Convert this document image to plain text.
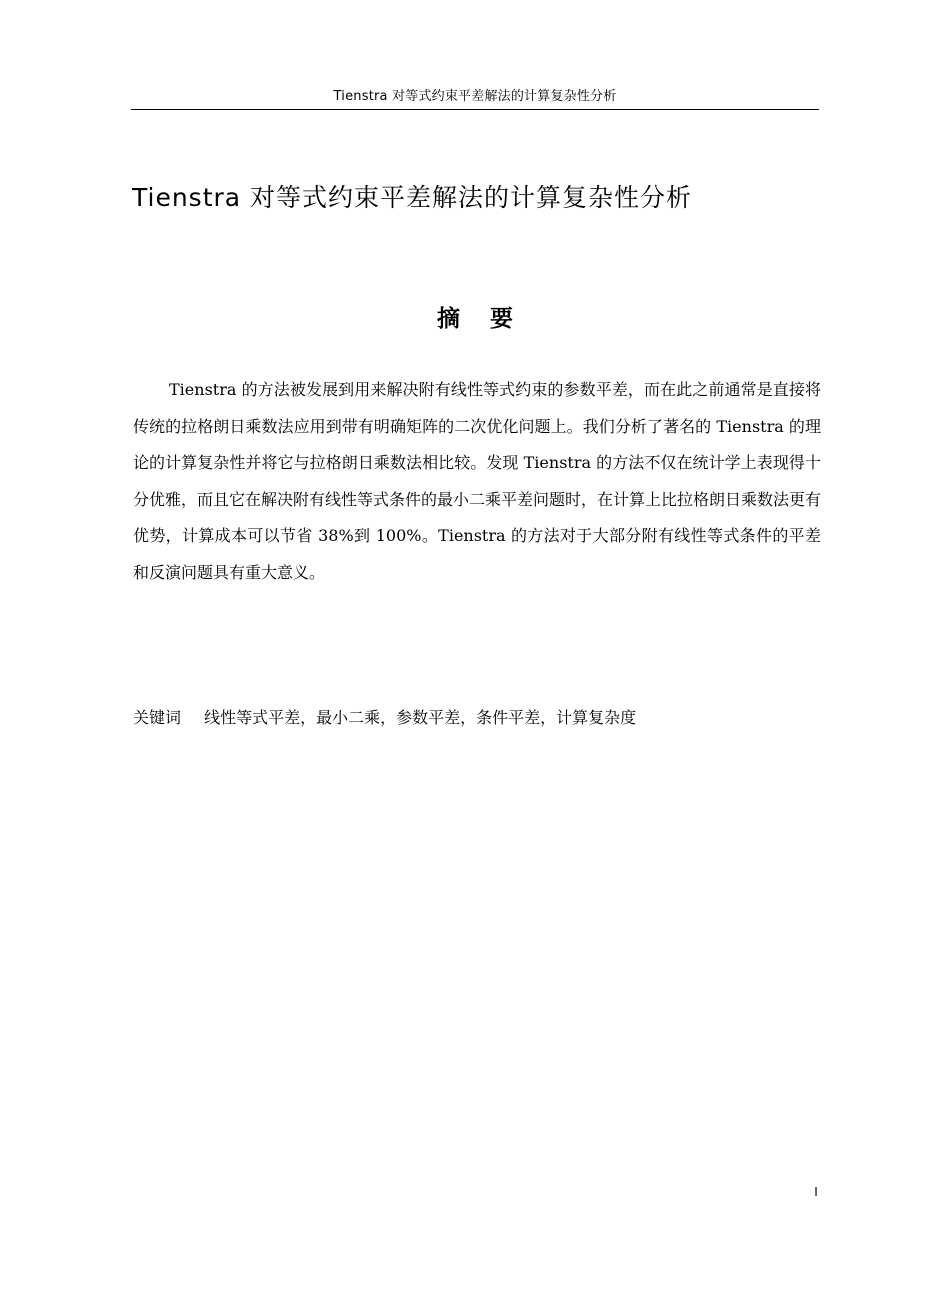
Tienstra 对等式约束平差解法的计算复杂性分析
Tienstra 对等式约束平差解法的计算复杂性分析
摘要

Tienstra 的方法被发展到用来解决附有线性等式约束的参数平差，而在此之前通常是直接将传统的拉格朗日乘数法应用到带有明确矩阵的二次优化问题上。我们分析了著名的 Tienstra 的理论的计算复杂性并将它与拉格朗日乘数法相比较。发现 Tienstra 的方法不仅在统计学上表现得十分优雅，而且它在解决附有线性等式条件的最小二乘平差问题时，在计算上比拉格朗日乘数法更有优势，计算成本可以节省 38%到 100%。Tienstra 的方法对于大部分附有线性等式条件的平差和反演问题具有重大意义。

关键词 线性等式平差，最小二乘，参数平差，条件平差，计算复杂度
I
